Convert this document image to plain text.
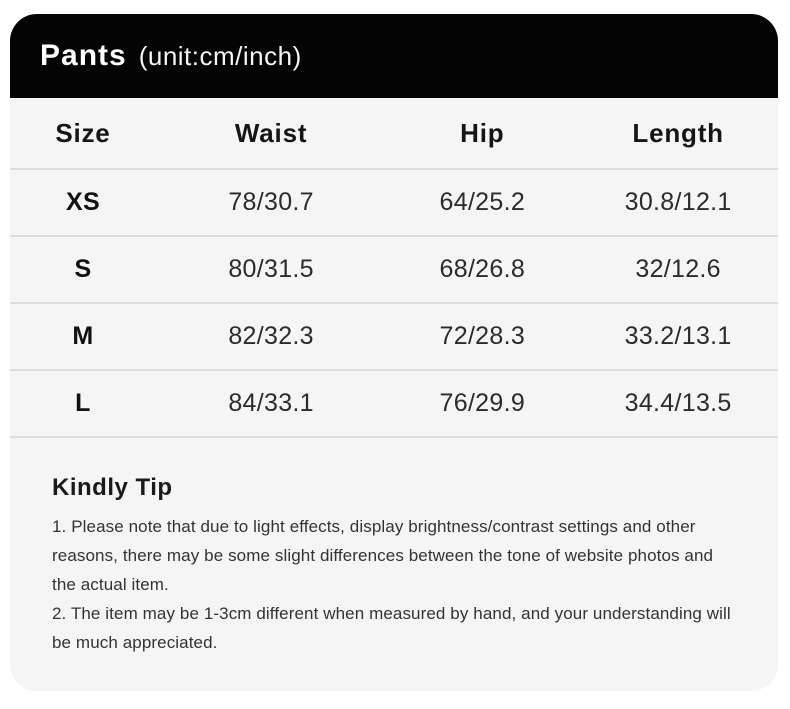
Pants (unit:cm/inch)
Size	Waist	Hip	Length
XS	78/30.7	64/25.2	30.8/12.1
S	80/31.5	68/26.8	32/12.6
M	82/32.3	72/28.3	33.2/13.1
L	84/33.1	76/29.9	34.4/13.5
Kindly Tip

1. Please note that due to light effects, display brightness/contrast settings and other reasons, there may be some slight differences between the tone of website photos and the actual item.

2. The item may be 1-3cm different when measured by hand, and your understanding will be much appreciated.
